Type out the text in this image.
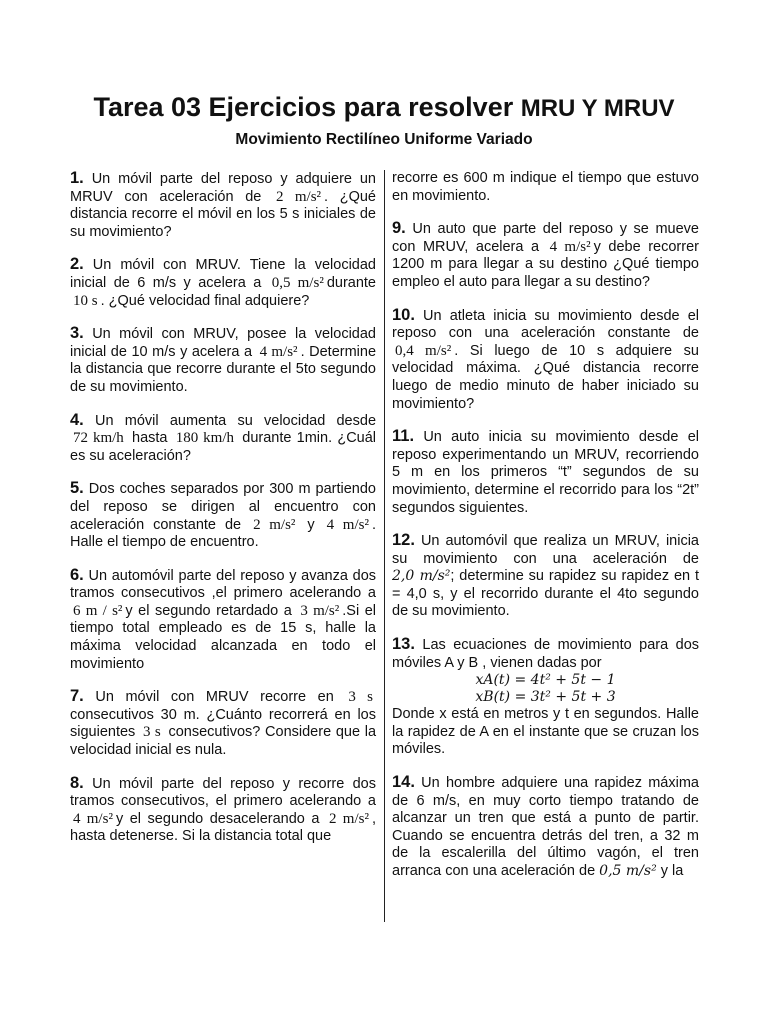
Tarea 03 Ejercicios para resolver MRU Y MRUV
Movimiento Rectilíneo Uniforme Variado

1. Un móvil parte del reposo y adquiere un MRUV con aceleración de 2 m/s² . ¿Qué distancia recorre el móvil en los 5 s iniciales de su movimiento?

2. Un móvil con MRUV. Tiene la velocidad inicial de 6 m/s y acelera a 0,5 m/s² durante 10 s . ¿Qué velocidad final adquiere?

3. Un móvil con MRUV, posee la velocidad inicial de 10 m/s y acelera a 4 m/s² . Determine la distancia que recorre durante el 5to segundo de su movimiento.

4. Un móvil aumenta su velocidad desde 72 km/h hasta 180 km/h durante 1min. ¿Cuál es su aceleración?

5. Dos coches separados por 300 m partiendo del reposo se dirigen al encuentro con aceleración constante de 2 m/s² y 4 m/s² . Halle el tiempo de encuentro.

6. Un automóvil parte del reposo y avanza dos tramos consecutivos ,el primero acelerando a 6 m / s² y el segundo retardado a 3 m/s² .Si el tiempo total empleado es de 15 s, halle la máxima velocidad alcanzada en todo el movimiento

7. Un móvil con MRUV recorre en 3 s consecutivos 30 m. ¿Cuánto recorrerá en los siguientes 3 s consecutivos? Considere que la velocidad inicial es nula.

8. Un móvil parte del reposo y recorre dos tramos consecutivos, el primero acelerando a 4 m/s² y el segundo desacelerando a 2 m/s² , hasta detenerse. Si la distancia total que

recorre es 600 m indique el tiempo que estuvo en movimiento.

9. Un auto que parte del reposo y se mueve con MRUV, acelera a 4 m/s² y debe recorrer 1200 m para llegar a su destino ¿Qué tiempo empleo el auto para llegar a su destino?

10. Un atleta inicia su movimiento desde el reposo con una aceleración constante de 0,4 m/s² . Si luego de 10 s adquiere su velocidad máxima. ¿Qué distancia recorre luego de medio minuto de haber iniciado su movimiento?

11. Un auto inicia su movimiento desde el reposo experimentando un MRUV, recorriendo 5 m en los primeros “t” segundos de su movimiento, determine el recorrido para los “2t” segundos siguientes.

12. Un automóvil que realiza un MRUV, inicia su movimiento con una aceleración de 2,0 m/s²; determine su rapidez su rapidez en t = 4,0 s, y el recorrido durante el 4to segundo de su movimiento.

13. Las ecuaciones de movimiento para dos móviles A y B , vienen dadas por

xA(t) = 4t² + 5t − 1

xB(t) = 3t² + 5t + 3

Donde x está en metros y t en segundos. Halle la rapidez de A en el instante que se cruzan los móviles.

14. Un hombre adquiere una rapidez máxima de 6 m/s, en muy corto tiempo tratando de alcanzar un tren que está a punto de partir. Cuando se encuentra detrás del tren, a 32 m de la escalerilla del último vagón, el tren arranca con una aceleración de 0,5 m/s² y la
